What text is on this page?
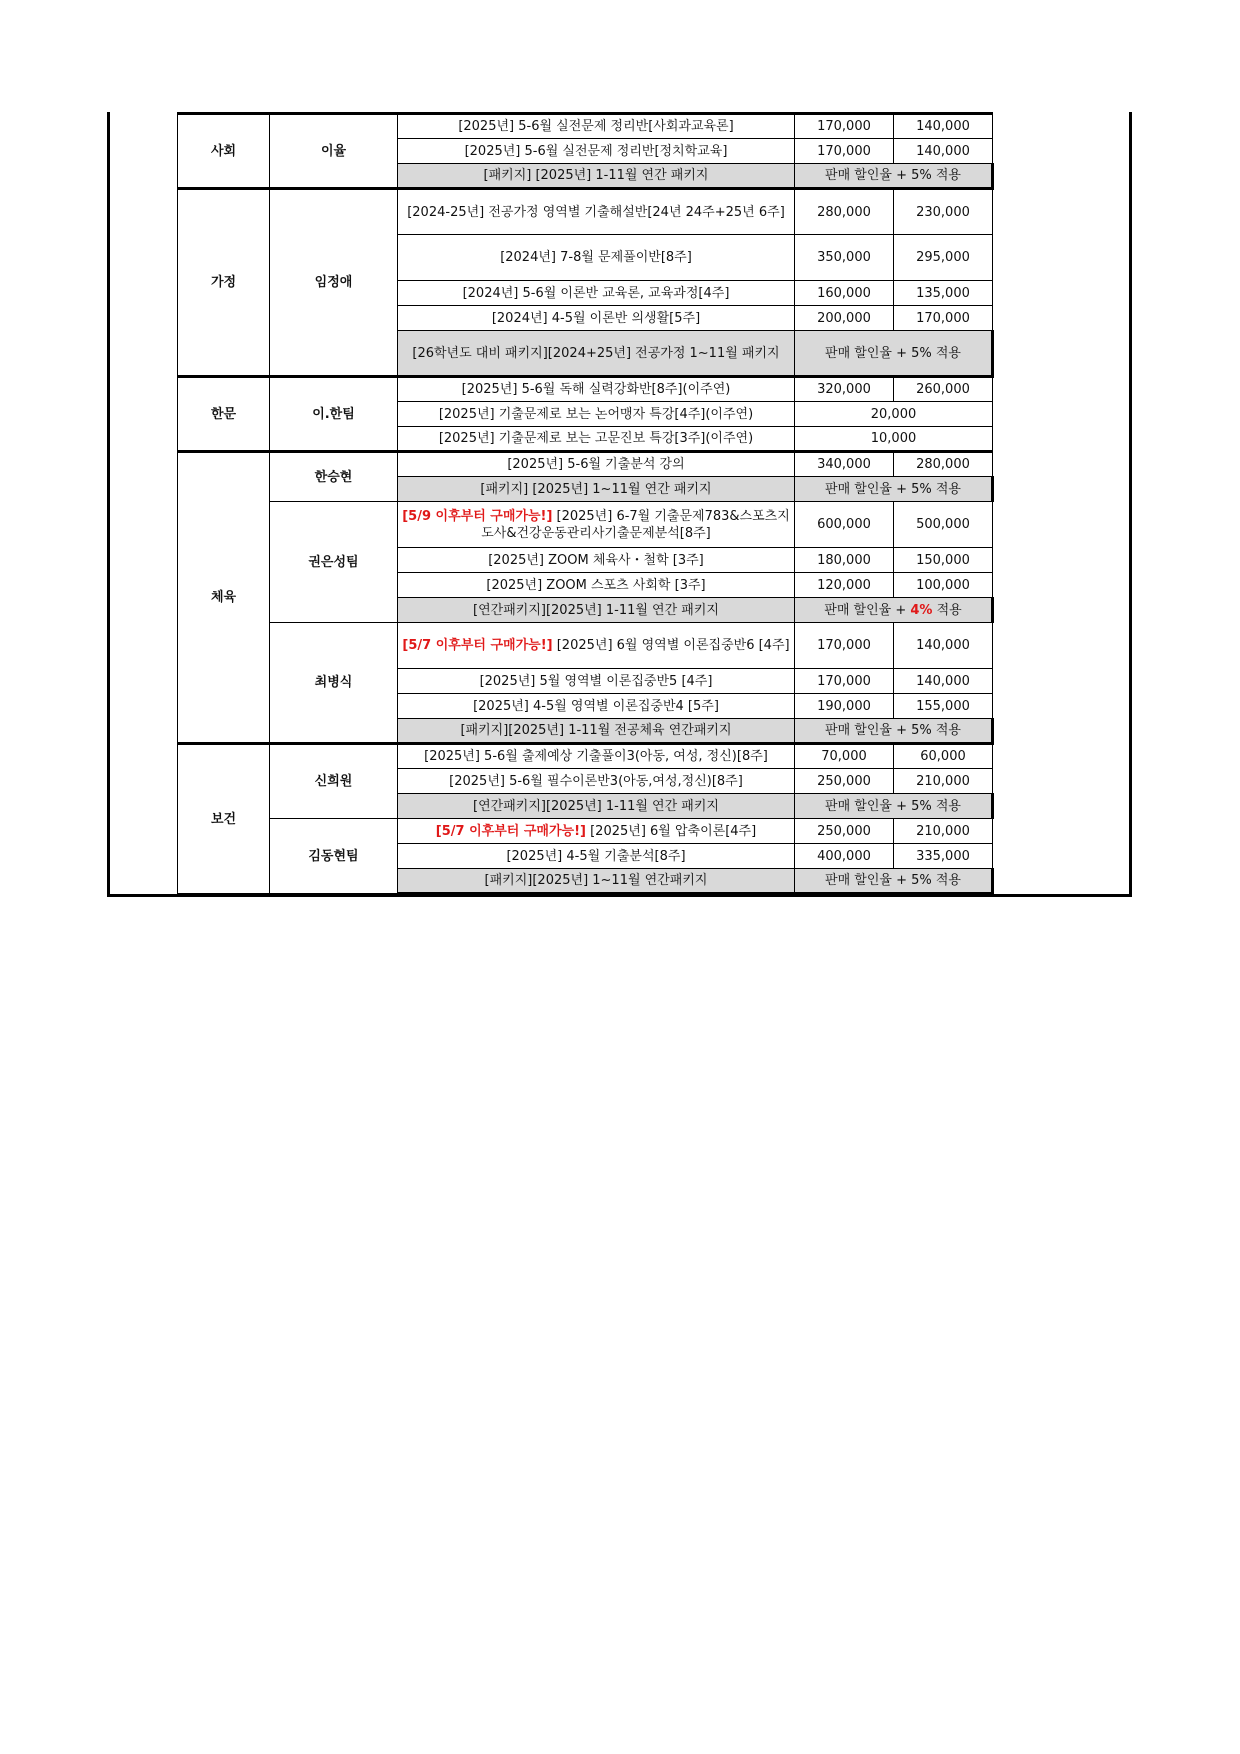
사회	이율	[2025년] 5-6월 실전문제 정리반[사회과교육론]	170,000	140,000
		[2025년] 5-6월 실전문제 정리반[정치학교육]	170,000	140,000
		[패키지] [2025년] 1-11월 연간 패키지	판매 할인율 + 5% 적용	
가정	임정애	[2024-25년] 전공가정 영역별 기출해설반[24년 24주+25년 6주]	280,000	230,000
		[2024년] 7-8월 문제풀이반[8주]	350,000	295,000
		[2024년] 5-6월 이론반 교육론, 교육과정[4주]	160,000	135,000
		[2024년] 4-5월 이론반 의생활[5주]	200,000	170,000
		[26학년도 대비 패키지][2024+25년] 전공가정 1~11월 패키지	판매 할인율 + 5% 적용	
한문	이.한팀	[2025년] 5-6월 독해 실력강화반[8주](이주연)	320,000	260,000
		[2025년] 기출문제로 보는 논어맹자 특강[4주](이주연)	20,000	
		[2025년] 기출문제로 보는 고문진보 특강[3주](이주연)	10,000	
체육	한승현	[2025년] 5-6월 기출분석 강의	340,000	280,000
		[패키지] [2025년] 1~11월 연간 패키지	판매 할인율 + 5% 적용	
	권은성팀	[5/9 이후부터 구매가능!] [2025년] 6-7월 기출문제783&스포츠지도사&건강운동관리사기출문제분석[8주]	600,000	500,000
		[2025년] ZOOM 체육사・철학 [3주]	180,000	150,000
		[2025년] ZOOM 스포츠 사회학 [3주]	120,000	100,000
		[연간패키지][2025년] 1-11월 연간 패키지	판매 할인율 + 4% 적용	
	최병식	[5/7 이후부터 구매가능!] [2025년] 6월 영역별 이론집중반6 [4주]	170,000	140,000
		[2025년] 5월 영역별 이론집중반5 [4주]	170,000	140,000
		[2025년] 4-5월 영역별 이론집중반4 [5주]	190,000	155,000
		[패키지][2025년] 1-11월 전공체육 연간패키지	판매 할인율 + 5% 적용	
보건	신희원	[2025년] 5-6월 출제예상 기출풀이3(아동, 여성, 정신)[8주]	70,000	60,000
		[2025년] 5-6월 필수이론반3(아동,여성,정신)[8주]	250,000	210,000
		[연간패키지][2025년] 1-11월 연간 패키지	판매 할인율 + 5% 적용	
	김동현팀	[5/7 이후부터 구매가능!] [2025년] 6월 압축이론[4주]	250,000	210,000
		[2025년] 4-5월 기출분석[8주]	400,000	335,000
		[패키지][2025년] 1~11월 연간패키지	판매 할인율 + 5% 적용	
